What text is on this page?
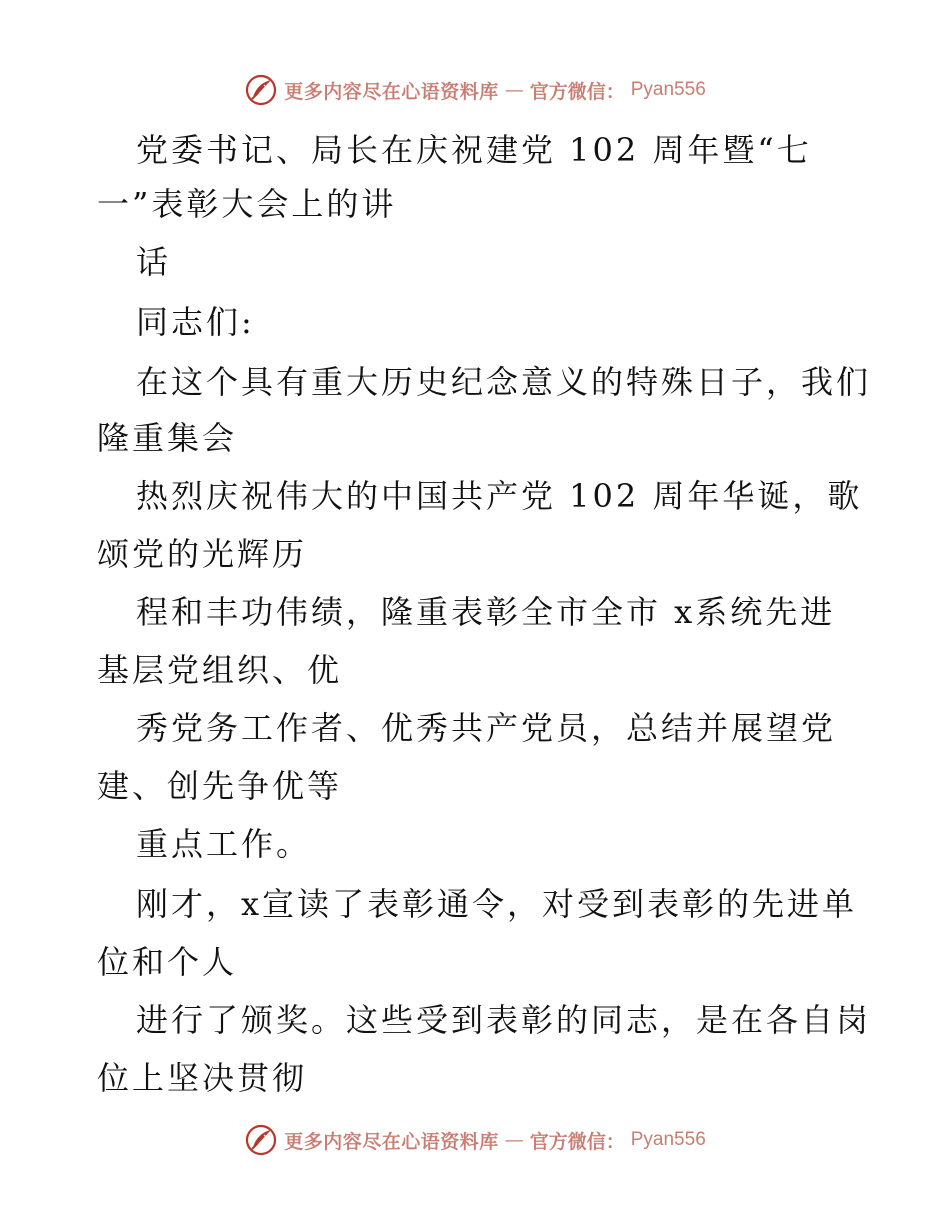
更多内容尽在心语资料库 — 官方微信： Pyan556
党委书记、局长在庆祝建党 102 周年暨“七
一”表彰大会上的讲
话
同志们:
在这个具有重大历史纪念意义的特殊日子，我们
隆重集会
热烈庆祝伟大的中国共产党 102 周年华诞，歌
颂党的光辉历
程和丰功伟绩，隆重表彰全市全市 x系统先进
基层党组织、优
秀党务工作者、优秀共产党员，总结并展望党
建、创先争优等
重点工作。
刚才，x宣读了表彰通令，对受到表彰的先进单
位和个人
进行了颁奖。这些受到表彰的同志，是在各自岗
位上坚决贯彻
更多内容尽在心语资料库 — 官方微信： Pyan556
